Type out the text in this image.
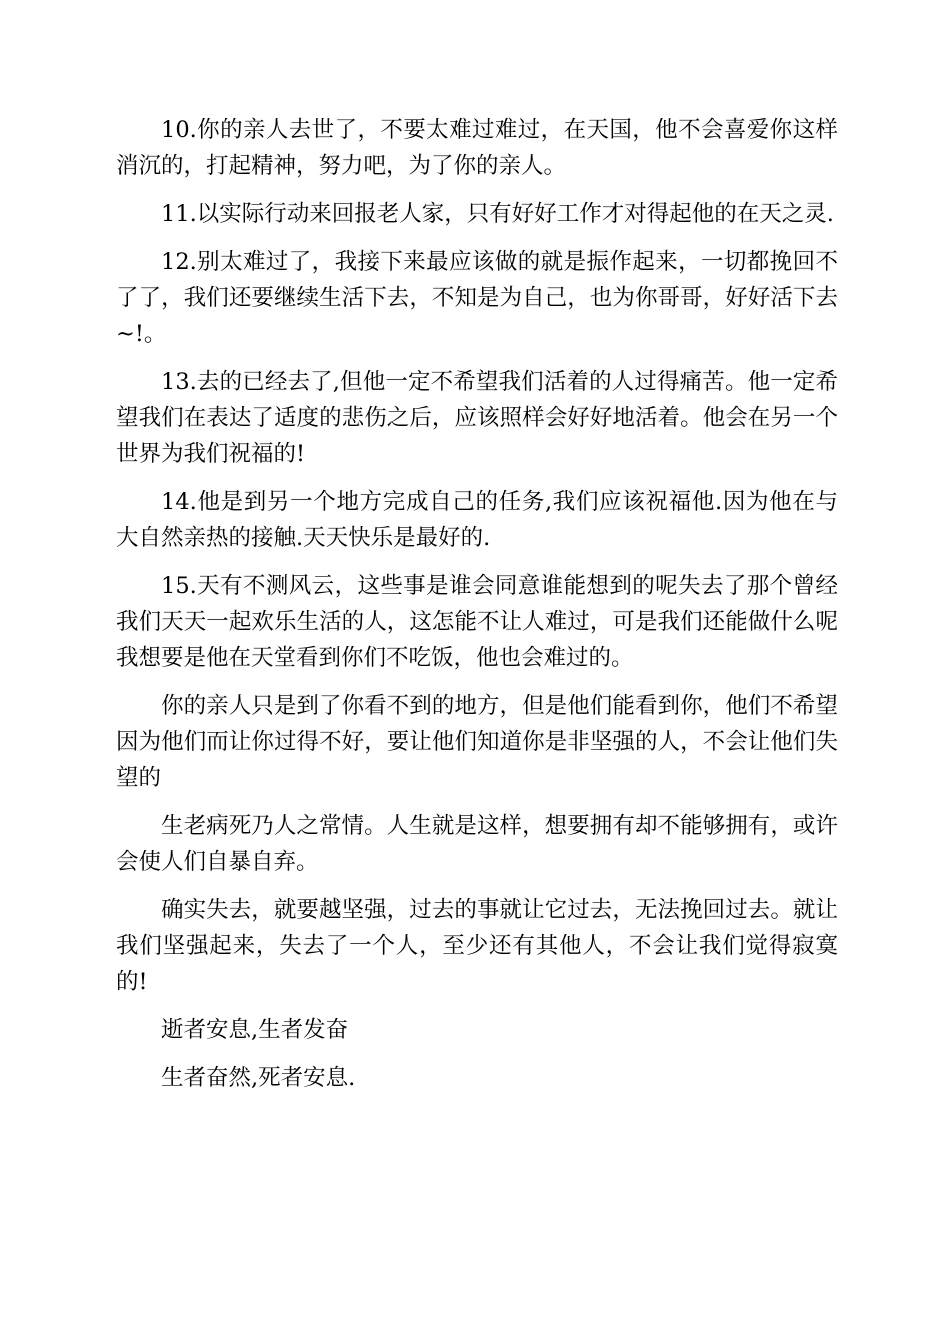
10.你的亲人去世了，不要太难过难过，在天国，他不会喜爱你这样消沉的，打起精神，努力吧，为了你的亲人。

11.以实际行动来回报老人家，只有好好工作才对得起他的在天之灵.

12.别太难过了，我接下来最应该做的就是振作起来，一切都挽回不了了，我们还要继续生活下去，不知是为自己，也为你哥哥，好好活下去~!。

13.去的已经去了,但他一定不希望我们活着的人过得痛苦。他一定希望我们在表达了适度的悲伤之后，应该照样会好好地活着。他会在另一个世界为我们祝福的!

14.他是到另一个地方完成自己的任务,我们应该祝福他.因为他在与大自然亲热的接触.天天快乐是最好的.

15.天有不测风云，这些事是谁会同意谁能想到的呢失去了那个曾经我们天天一起欢乐生活的人，这怎能不让人难过，可是我们还能做什么呢我想要是他在天堂看到你们不吃饭，他也会难过的。

你的亲人只是到了你看不到的地方，但是他们能看到你，他们不希望因为他们而让你过得不好，要让他们知道你是非坚强的人，不会让他们失望的

生老病死乃人之常情。人生就是这样，想要拥有却不能够拥有，或许会使人们自暴自弃。

确实失去，就要越坚强，过去的事就让它过去，无法挽回过去。就让我们坚强起来，失去了一个人，至少还有其他人，不会让我们觉得寂寞的!

逝者安息,生者发奋

生者奋然,死者安息.
